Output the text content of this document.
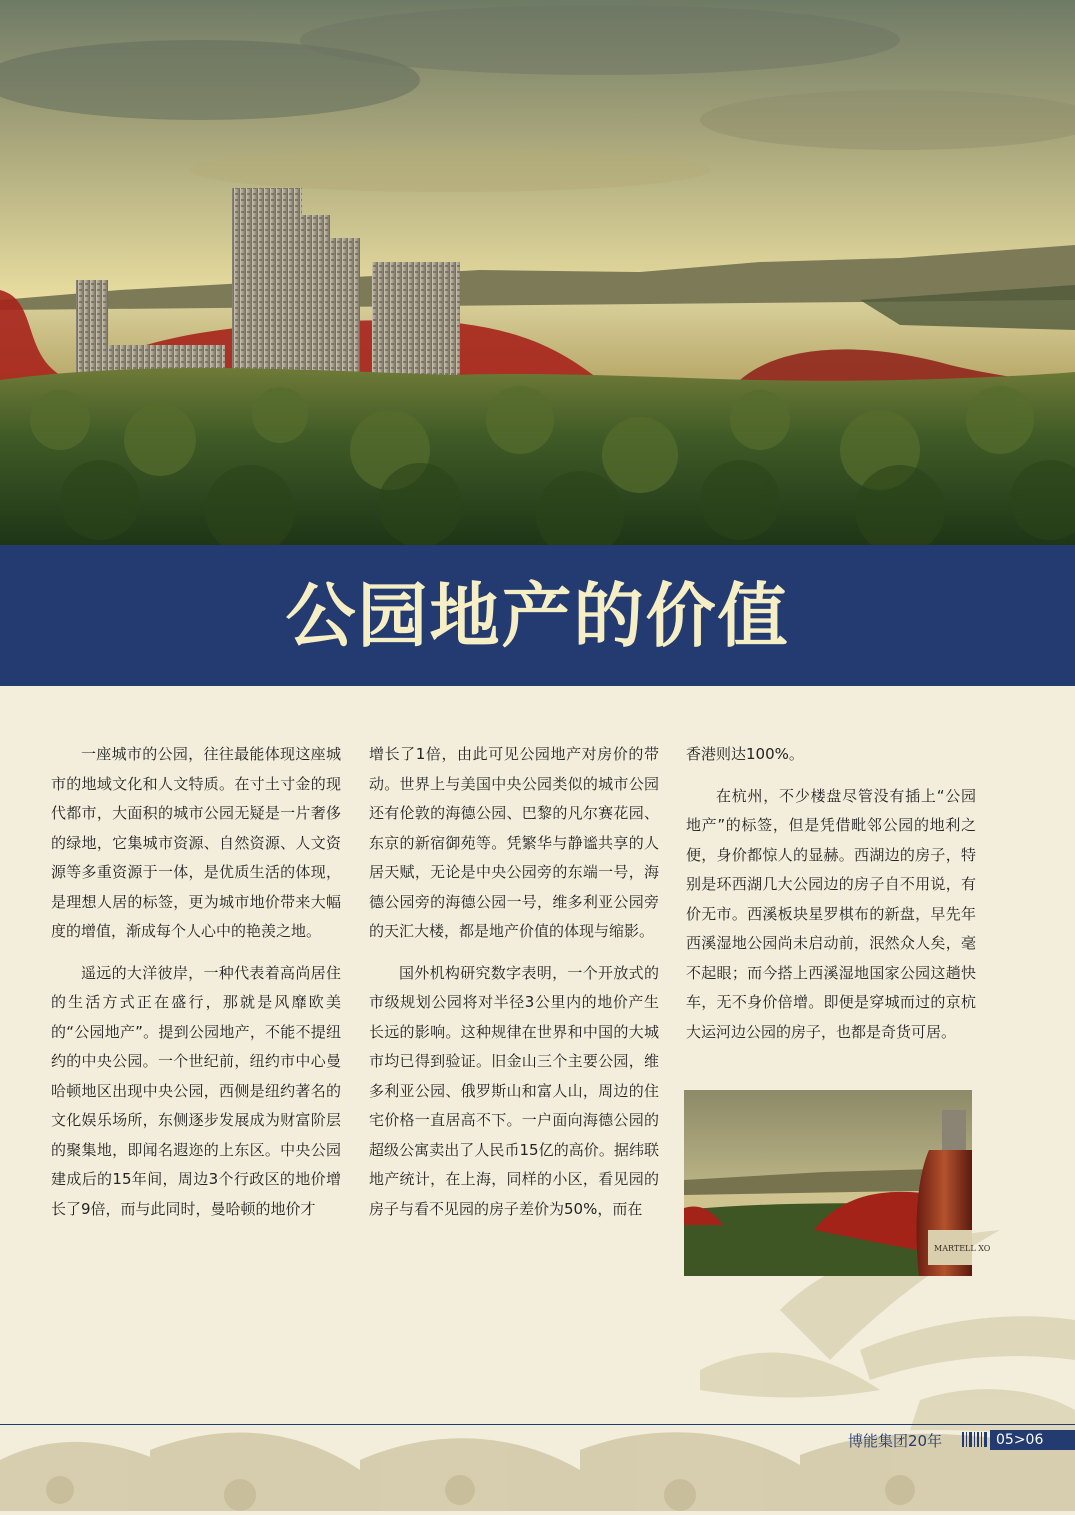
公园地产的价值

一座城市的公园，往往最能体现这座城市的地域文化和人文特质。在寸土寸金的现代都市，大面积的城市公园无疑是一片奢侈的绿地，它集城市资源、自然资源、人文资源等多重资源于一体，是优质生活的体现，是理想人居的标签，更为城市地价带来大幅度的增值，渐成每个人心中的艳羡之地。

遥远的大洋彼岸，一种代表着高尚居住的生活方式正在盛行，那就是风靡欧美的“公园地产”。提到公园地产，不能不提纽约的中央公园。一个世纪前，纽约市中心曼哈顿地区出现中央公园，西侧是纽约著名的文化娱乐场所，东侧逐步发展成为财富阶层的聚集地，即闻名遐迩的上东区。中央公园建成后的15年间，周边3个行政区的地价增长了9倍，而与此同时，曼哈顿的地价才

增长了1倍，由此可见公园地产对房价的带动。世界上与美国中央公园类似的城市公园还有伦敦的海德公园、巴黎的凡尔赛花园、东京的新宿御苑等。凭繁华与静谧共享的人居天赋，无论是中央公园旁的东端一号，海德公园旁的海德公园一号，维多利亚公园旁的天汇大楼，都是地产价值的体现与缩影。

国外机构研究数字表明，一个开放式的市级规划公园将对半径3公里内的地价产生长远的影响。这种规律在世界和中国的大城市均已得到验证。旧金山三个主要公园，维多利亚公园、俄罗斯山和富人山，周边的住宅价格一直居高不下。一户面向海德公园的超级公寓卖出了人民币15亿的高价。据纬联地产统计，在上海，同样的小区，看见园的房子与看不见园的房子差价为50%，而在

香港则达100%。

在杭州，不少楼盘尽管没有插上“公园地产”的标签，但是凭借毗邻公园的地利之便，身价都惊人的显赫。西湖边的房子，特别是环西湖几大公园边的房子自不用说，有价无市。西溪板块星罗棋布的新盘，早先年西溪湿地公园尚未启动前，泯然众人矣，毫不起眼；而今搭上西溪湿地国家公园这趟快车，无不身价倍增。即便是穿城而过的京杭大运河边公园的房子，也都是奇货可居。

MARTELL XO
博能集团20年	05>06
